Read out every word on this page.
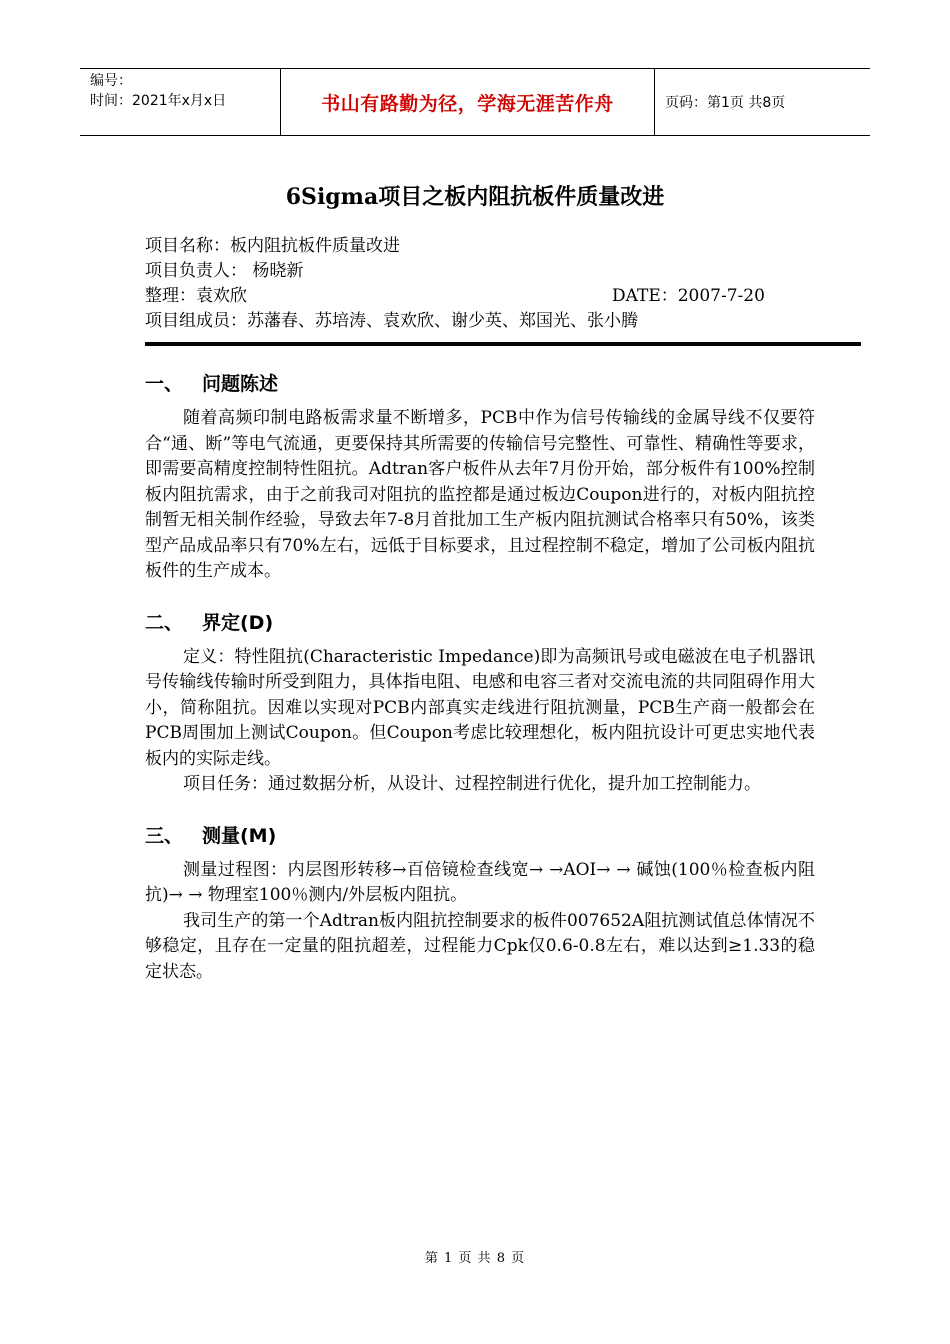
编号：
时间：2021年x月x日	书山有路勤为径，学海无涯苦作舟	页码：第1页 共8页
6Sigma项目之板内阻抗板件质量改进
项目名称：板内阻抗板件质量改进
项目负责人： 杨晓新
整理：袁欢欣	DATE：2007-7-20
项目组成员：苏藩春、苏培涛、袁欢欣、谢少英、郑国光、张小腾
一、 问题陈述

随着高频印制电路板需求量不断增多，PCB中作为信号传输线的金属导线不仅要符合“通、断”等电气流通，更要保持其所需要的传输信号完整性、可靠性、精确性等要求，即需要高精度控制特性阻抗。Adtran客户板件从去年7月份开始，部分板件有100%控制板内阻抗需求，由于之前我司对阻抗的监控都是通过板边Coupon进行的，对板内阻抗控制暂无相关制作经验，导致去年7-8月首批加工生产板内阻抗测试合格率只有50%，该类型产品成品率只有70%左右，远低于目标要求，且过程控制不稳定，增加了公司板内阻抗板件的生产成本。

二、 界定(D)

定义：特性阻抗(Characteristic Impedance)即为高频讯号或电磁波在电子机器讯号传输线传输时所受到阻力，具体指电阻、电感和电容三者对交流电流的共同阻碍作用大小，简称阻抗。因难以实现对PCB内部真实走线进行阻抗测量，PCB生产商一般都会在PCB周围加上测试Coupon。但Coupon考虑比较理想化，板内阻抗设计可更忠实地代表板内的实际走线。

项目任务：通过数据分析，从设计、过程控制进行优化，提升加工控制能力。

三、 测量(M)

测量过程图：内层图形转移→百倍镜检查线宽→ →AOI→ → 碱蚀(100％检查板内阻抗)→ → 物理室100％测内/外层板内阻抗。

我司生产的第一个Adtran板内阻抗控制要求的板件007652A阻抗测试值总体情况不够稳定，且存在一定量的阻抗超差，过程能力Cpk仅0.6-0.8左右，难以达到≥1.33的稳定状态。

第 1 页 共 8 页
